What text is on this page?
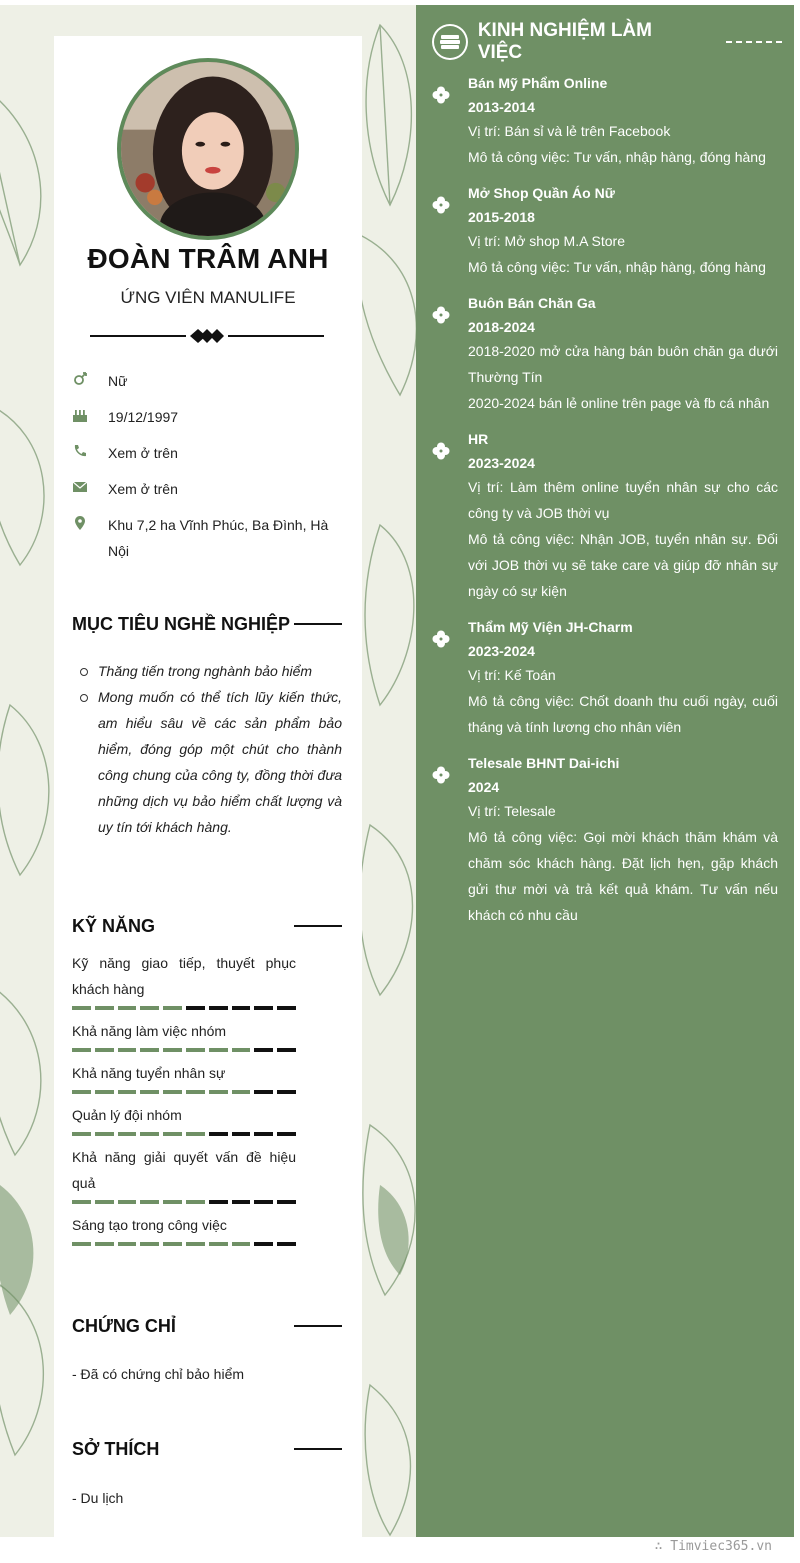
ĐOÀN TRÂM ANH
ỨNG VIÊN MANULIFE
Nữ
19/12/1997
Xem ở trên
Xem ở trên
Khu 7,2 ha Vĩnh Phúc, Ba Đình, Hà Nội
MỤC TIÊU NGHỀ NGHIỆP
Thăng tiến trong nghành bảo hiểm
Mong muốn có thể tích lũy kiến thức, am hiểu sâu về các sản phẩm bảo hiểm, đóng góp một chút cho thành công chung của công ty, đồng thời đưa những dịch vụ bảo hiểm chất lượng và uy tín tới khách hàng.
KỸ NĂNG
Kỹ năng giao tiếp, thuyết phục khách hàng
Khả năng làm việc nhóm
Khả năng tuyển nhân sự
Quản lý đội nhóm
Khả năng giải quyết vấn đề hiệu quả
Sáng tạo trong công việc
CHỨNG CHỈ
- Đã có chứng chỉ bảo hiểm
SỞ THÍCH
- Du lịch
KINH NGHIỆM LÀM VIỆC
Bán Mỹ Phẩm Online
2013-2014
Vị trí: Bán sỉ và lẻ trên Facebook
Mô tả công việc: Tư vấn, nhập hàng, đóng hàng
Mở Shop Quần Áo Nữ
2015-2018
Vị trí: Mở shop M.A Store
Mô tả công việc: Tư vấn, nhập hàng, đóng hàng
Buôn Bán Chăn Ga
2018-2024
2018-2020 mở cửa hàng bán buôn chăn ga dưới Thường Tín
2020-2024 bán lẻ online trên page và fb cá nhân
HR
2023-2024
Vị trí: Làm thêm online tuyển nhân sự cho các công ty và JOB thời vụ
Mô tả công việc: Nhận JOB, tuyển nhân sự. Đối với JOB thời vụ sẽ take care và giúp đỡ nhân sự ngày có sự kiện
Thẩm Mỹ Viện JH-Charm
2023-2024
Vị trí: Kế Toán
Mô tả công việc: Chốt doanh thu cuối ngày, cuối tháng và tính lương cho nhân viên
Telesale BHNT Dai-ichi
2024
Vị trí: Telesale
Mô tả công việc: Gọi mời khách thăm khám và chăm sóc khách hàng. Đặt lịch hẹn, gặp khách gửi thư mời và trả kết quả khám. Tư vấn nếu khách có nhu cầu
∴ Timviec365.vn
